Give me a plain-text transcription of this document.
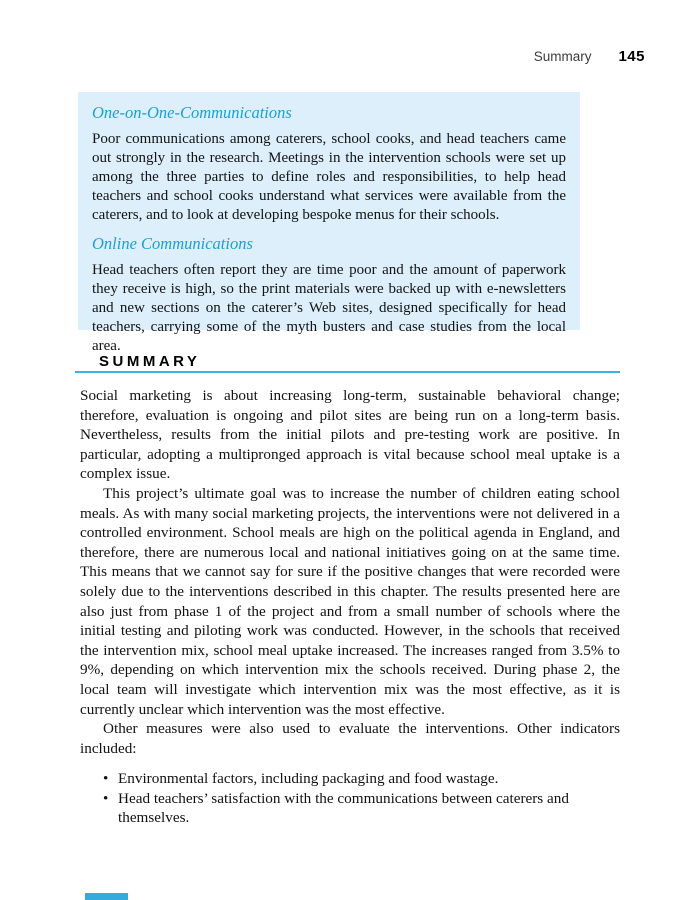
Summary 145
One-on-One-Communications

Poor communications among caterers, school cooks, and head teachers came out strongly in the research. Meetings in the intervention schools were set up among the three parties to define roles and responsibilities, to help head teachers and school cooks understand what services were available from the caterers, and to look at developing bespoke menus for their schools.

Online Communications

Head teachers often report they are time poor and the amount of paperwork they receive is high, so the print materials were backed up with e-newsletters and new sections on the caterer’s Web sites, designed specifically for head teachers, carrying some of the myth busters and case studies from the local area.

SUMMARY

Social marketing is about increasing long-term, sustainable behavioral change; therefore, evaluation is ongoing and pilot sites are being run on a long-term basis. Nevertheless, results from the initial pilots and pre-testing work are positive. In particular, adopting a multipronged approach is vital because school meal uptake is a complex issue.

This project’s ultimate goal was to increase the number of children eating school meals. As with many social marketing projects, the interventions were not delivered in a controlled environment. School meals are high on the political agenda in England, and therefore, there are numerous local and national initiatives going on at the same time. This means that we cannot say for sure if the positive changes that were recorded were solely due to the interventions described in this chapter. The results presented here are also just from phase 1 of the project and from a small number of schools where the initial testing and piloting work was conducted. However, in the schools that received the intervention mix, school meal uptake increased. The increases ranged from 3.5% to 9%, depending on which intervention mix the schools received. During phase 2, the local team will investigate which intervention mix was the most effective, as it is currently unclear which intervention was the most effective.

Other measures were also used to evaluate the interventions. Other indicators included:

• Environmental factors, including packaging and food wastage.
• Head teachers’ satisfaction with the communications between caterers and themselves.
